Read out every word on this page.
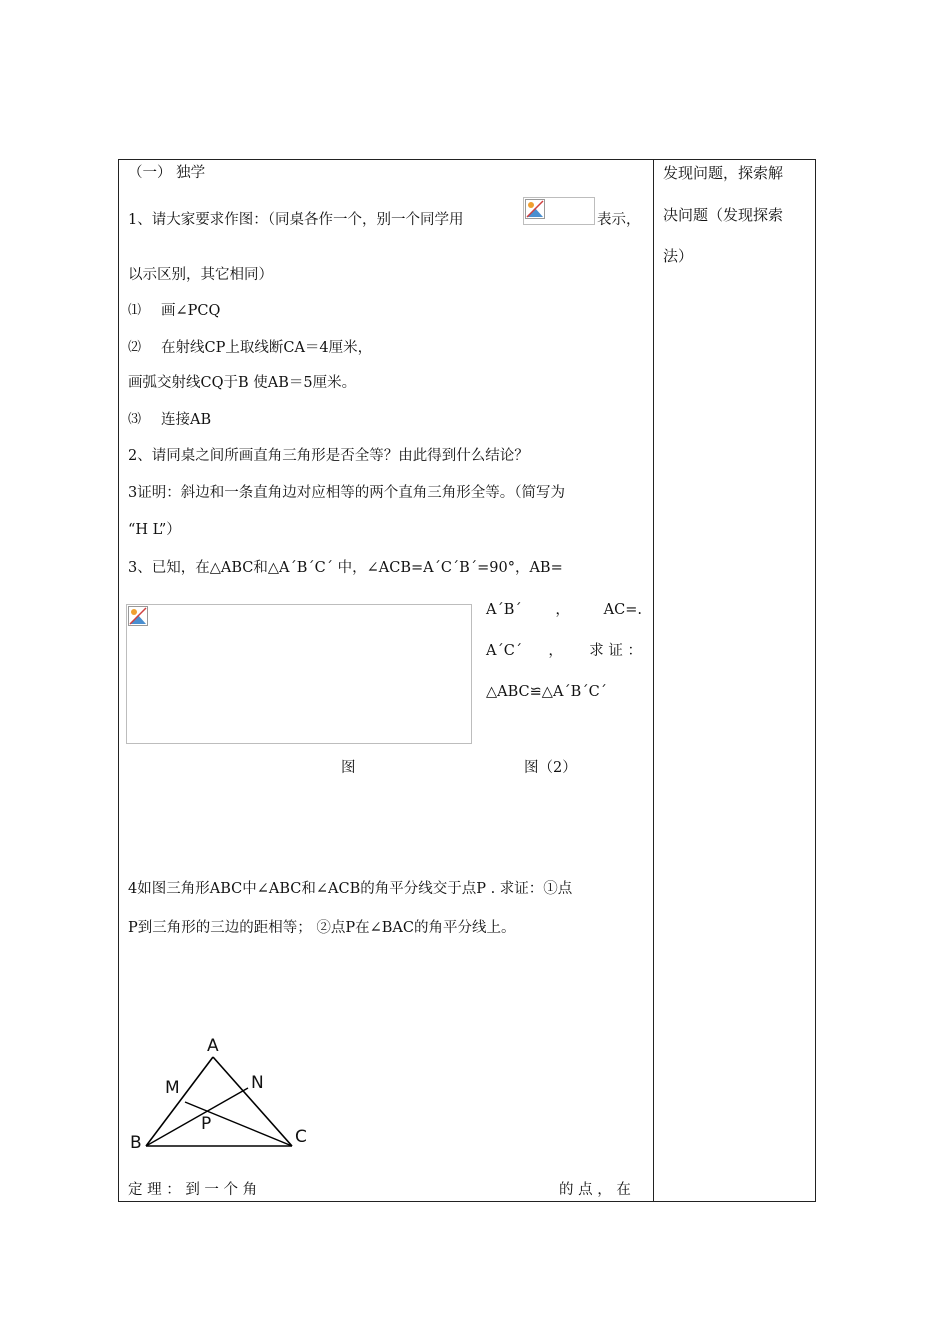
（一） 独学
1、请大家要求作图：（同桌各作一个，别一个同学用	表示，
以示区别，其它相同）
⑴ 画∠PCQ
⑵ 在射线CP上取线断CA＝4厘米，
画弧交射线CQ于B 使AB＝5厘米。
⑶ 连接AB
2、请同桌之间所画直角三角形是否全等？由此得到什么结论？
3证明：斜边和一条直角边对应相等的两个直角三角形全等。（简写为
“H L”）
3、已知，在△ABC和△A´B´C´ 中，∠ACB=A´C´B´=90°，AB=
A´B´ ， AC=.
A´C´ ， 求 证 ：
△ABC≌△A´B´C´
图	图（2）
4如图三角形ABC中∠ABC和∠ACB的角平分线交于点P . 求证：①点
P到三角形的三边的距相等； ②点P在∠BAC的角平分线上。
A
M	N
P
B	C
定 理 ： 到 一 个 角	的 点 ， 在
发现问题，探索解
决问题（发现探索
法）
